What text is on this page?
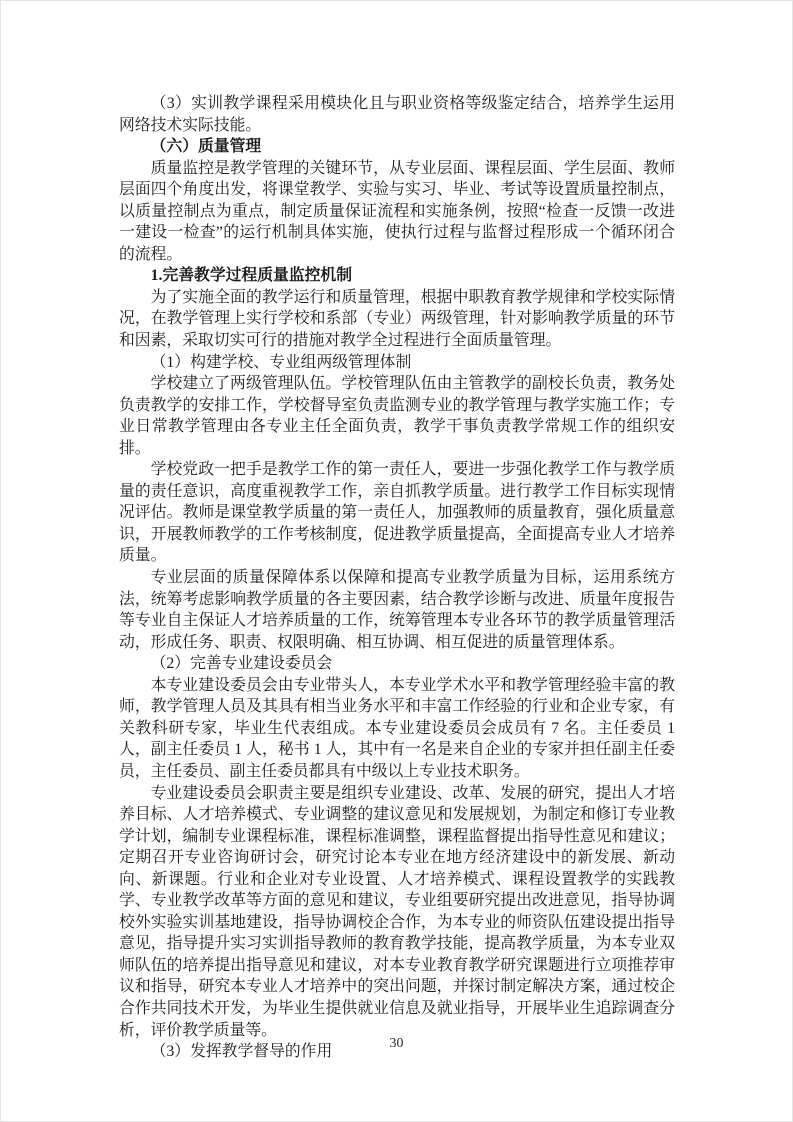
（3）实训教学课程采用模块化且与职业资格等级鉴定结合，培养学生运用网络技术实际技能。

（六）质量管理

质量监控是教学管理的关键环节，从专业层面、课程层面、学生层面、教师层面四个角度出发，将课堂教学、实验与实习、毕业、考试等设置质量控制点，以质量控制点为重点，制定质量保证流程和实施条例，按照“检查一反馈一改进一建设一检查”的运行机制具体实施，使执行过程与监督过程形成一个循环闭合的流程。

1.完善教学过程质量监控机制

为了实施全面的教学运行和质量管理，根据中职教育教学规律和学校实际情况，在教学管理上实行学校和系部（专业）两级管理，针对影响教学质量的环节和因素，采取切实可行的措施对教学全过程进行全面质量管理。

（1）构建学校、专业组两级管理体制

学校建立了两级管理队伍。学校管理队伍由主管教学的副校长负责，教务处负责教学的安排工作，学校督导室负责监测专业的教学管理与教学实施工作；专业日常教学管理由各专业主任全面负责，教学干事负责教学常规工作的组织安排。

学校党政一把手是教学工作的第一责任人，要进一步强化教学工作与教学质量的责任意识，高度重视教学工作，亲自抓教学质量。进行教学工作目标实现情况评估。教师是课堂教学质量的第一责任人，加强教师的质量教育，强化质量意识，开展教师教学的工作考核制度，促进教学质量提高，全面提高专业人才培养质量。

专业层面的质量保障体系以保障和提高专业教学质量为目标，运用系统方法，统筹考虑影响教学质量的各主要因素，结合教学诊断与改进、质量年度报告等专业自主保证人才培养质量的工作，统筹管理本专业各环节的教学质量管理活动，形成任务、职责、权限明确、相互协调、相互促进的质量管理体系。

（2）完善专业建设委员会

本专业建设委员会由专业带头人，本专业学术水平和教学管理经验丰富的教师，教学管理人员及其具有相当业务水平和丰富工作经验的行业和企业专家，有关教科研专家，毕业生代表组成。本专业建设委员会成员有 7 名。主任委员 1 人，副主任委员 1 人，秘书 1 人，其中有一名是来自企业的专家并担任副主任委员，主任委员、副主任委员都具有中级以上专业技术职务。

专业建设委员会职责主要是组织专业建设、改革、发展的研究，提出人才培养目标、人才培养模式、专业调整的建议意见和发展规划，为制定和修订专业教学计划，编制专业课程标准，课程标准调整，课程监督提出指导性意见和建议；定期召开专业咨询研讨会，研究讨论本专业在地方经济建设中的新发展、新动向、新课题。行业和企业对专业设置、人才培养模式、课程设置教学的实践教学、专业教学改革等方面的意见和建议，专业组要研究提出改进意见，指导协调校外实验实训基地建设，指导协调校企合作，为本专业的师资队伍建设提出指导意见，指导提升实习实训指导教师的教育教学技能，提高教学质量，为本专业双师队伍的培养提出指导意见和建议，对本专业教育教学研究课题进行立项推荐审议和指导，研究本专业人才培养中的突出问题，并探讨制定解决方案，通过校企合作共同技术开发，为毕业生提供就业信息及就业指导，开展毕业生追踪调查分析，评价教学质量等。

（3）发挥教学督导的作用	30
